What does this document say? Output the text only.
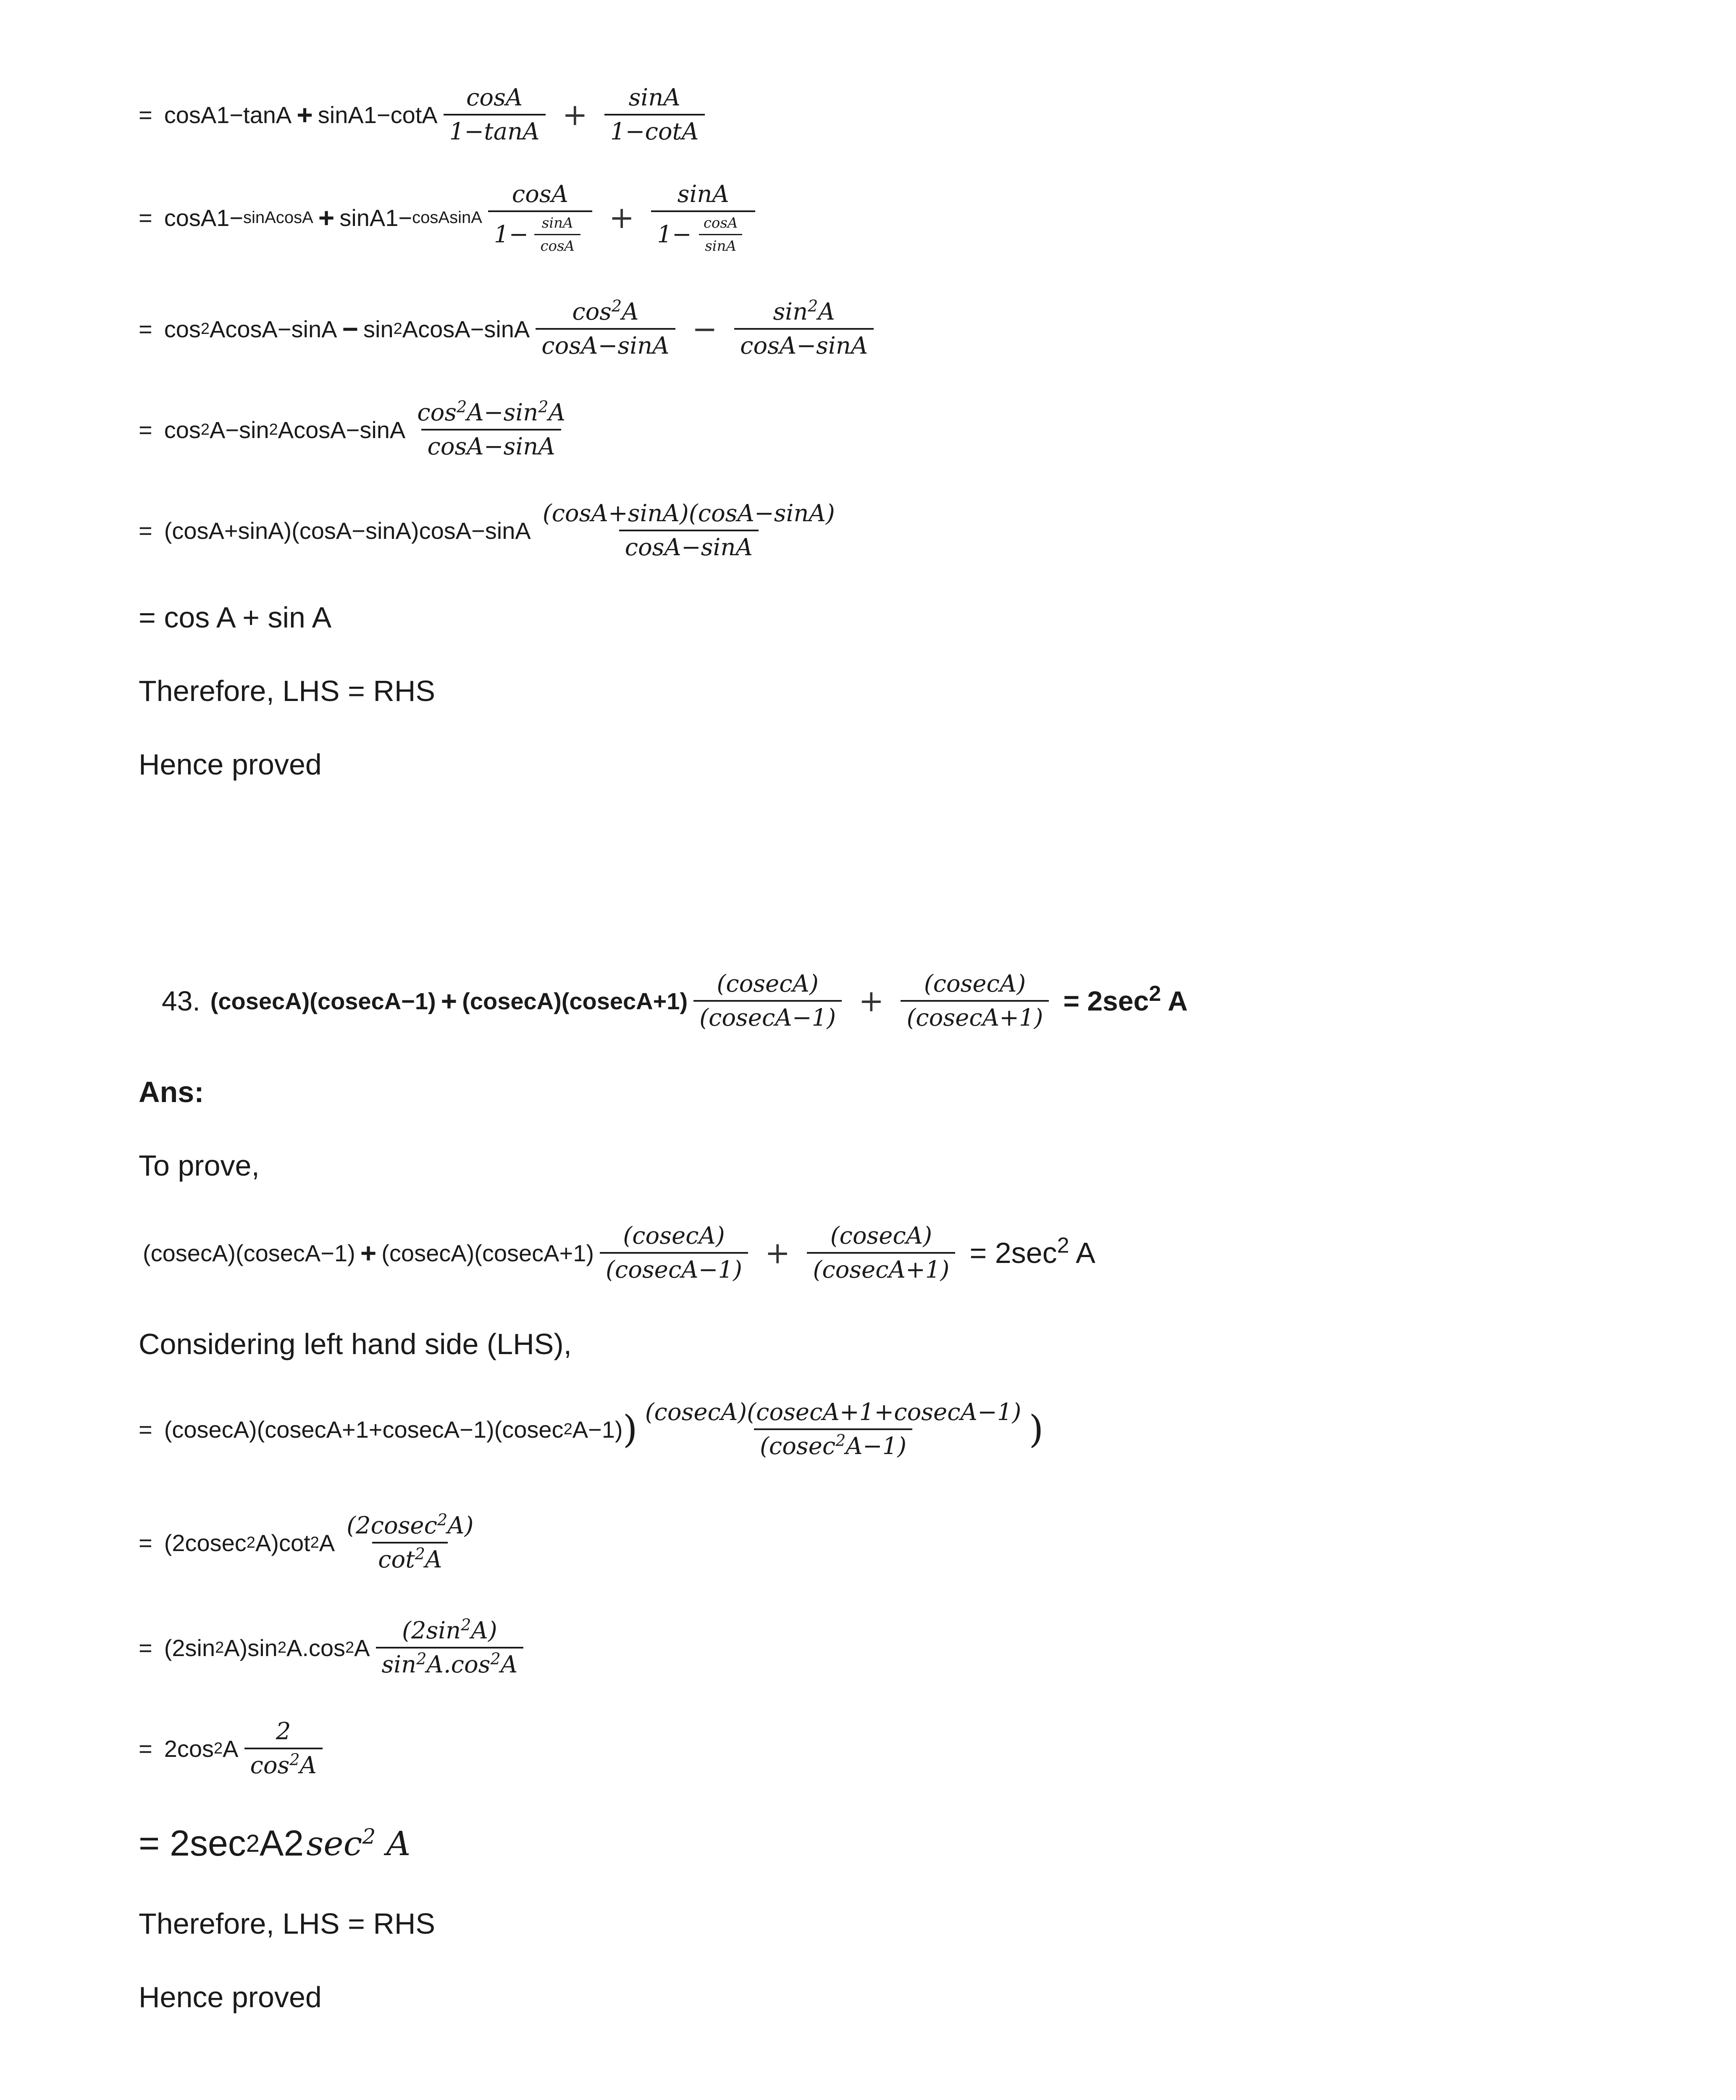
= $\cos A1-\tan A + \sin A1-\cot A \frac{\cos A}{1-\tan A} + \frac{\sin A}{1-\cot A}$
= cosA1− sinAcosA + sinA1− cosAsinA $\frac{\cos A}{1- \frac{\sin A}{\cos A}} + \frac{\sin A}{1- \frac{\cos A}{\sin A}}$
= cos 2 AcosA−sinA − sin 2 $AcosA-\sin A \frac{\cos^2A}{\cos A-\sin A} - \frac{\sin^2A}{\cos A-\sin A}$
= cos 2 A−sin 2 $AcosA-\sin A \frac{\cos^2A-\sin^2A}{\cos A-\sin A}$
= $(\cos A+\sin A)(\cos A-\sin A)\cos A-\sin A \frac{(\cos A+\sin A)(\cos A-\sin A)}{\cos A-\sin A}$
= cos A + sin A
Therefore, LHS = RHS
Hence proved
43. $(cosecA)(cosecA-1) + (cosecA)(cosecA+1) \frac{(cosecA)}{(cosecA-1)} + \frac{(cosecA)}{(cosecA+1)} = 2\sec^2$ A
Ans:
To prove,
$(cosecA)(cosecA-1) + (cosecA)(cosecA+1) \frac{(cosecA)}{(cosecA-1)} + \frac{(cosecA)}{(cosecA+1)} = 2\sec^2$ A
Considering left hand side (LHS),
= (cosecA)(cosecA+1+cosecA−1)(cosec 2 A−1) ) $\frac{(cosecA)(cosecA+1+cosecA-1)}{(cosec^2A-1)}$ )
= (2cosec 2 A)cot 2 A $\frac{(2cosec^2A)}{\cot^2A}$
= (2sin 2 A)sin 2 A.cos 2 A $\frac{(2\sin^2A)}{\sin^2A.\cos^2A}$
= 2cos 2 A $\frac{2}{\cos^2A}$
= 2sec 2 A2 $\sec^2 A$
Therefore, LHS = RHS
Hence proved
